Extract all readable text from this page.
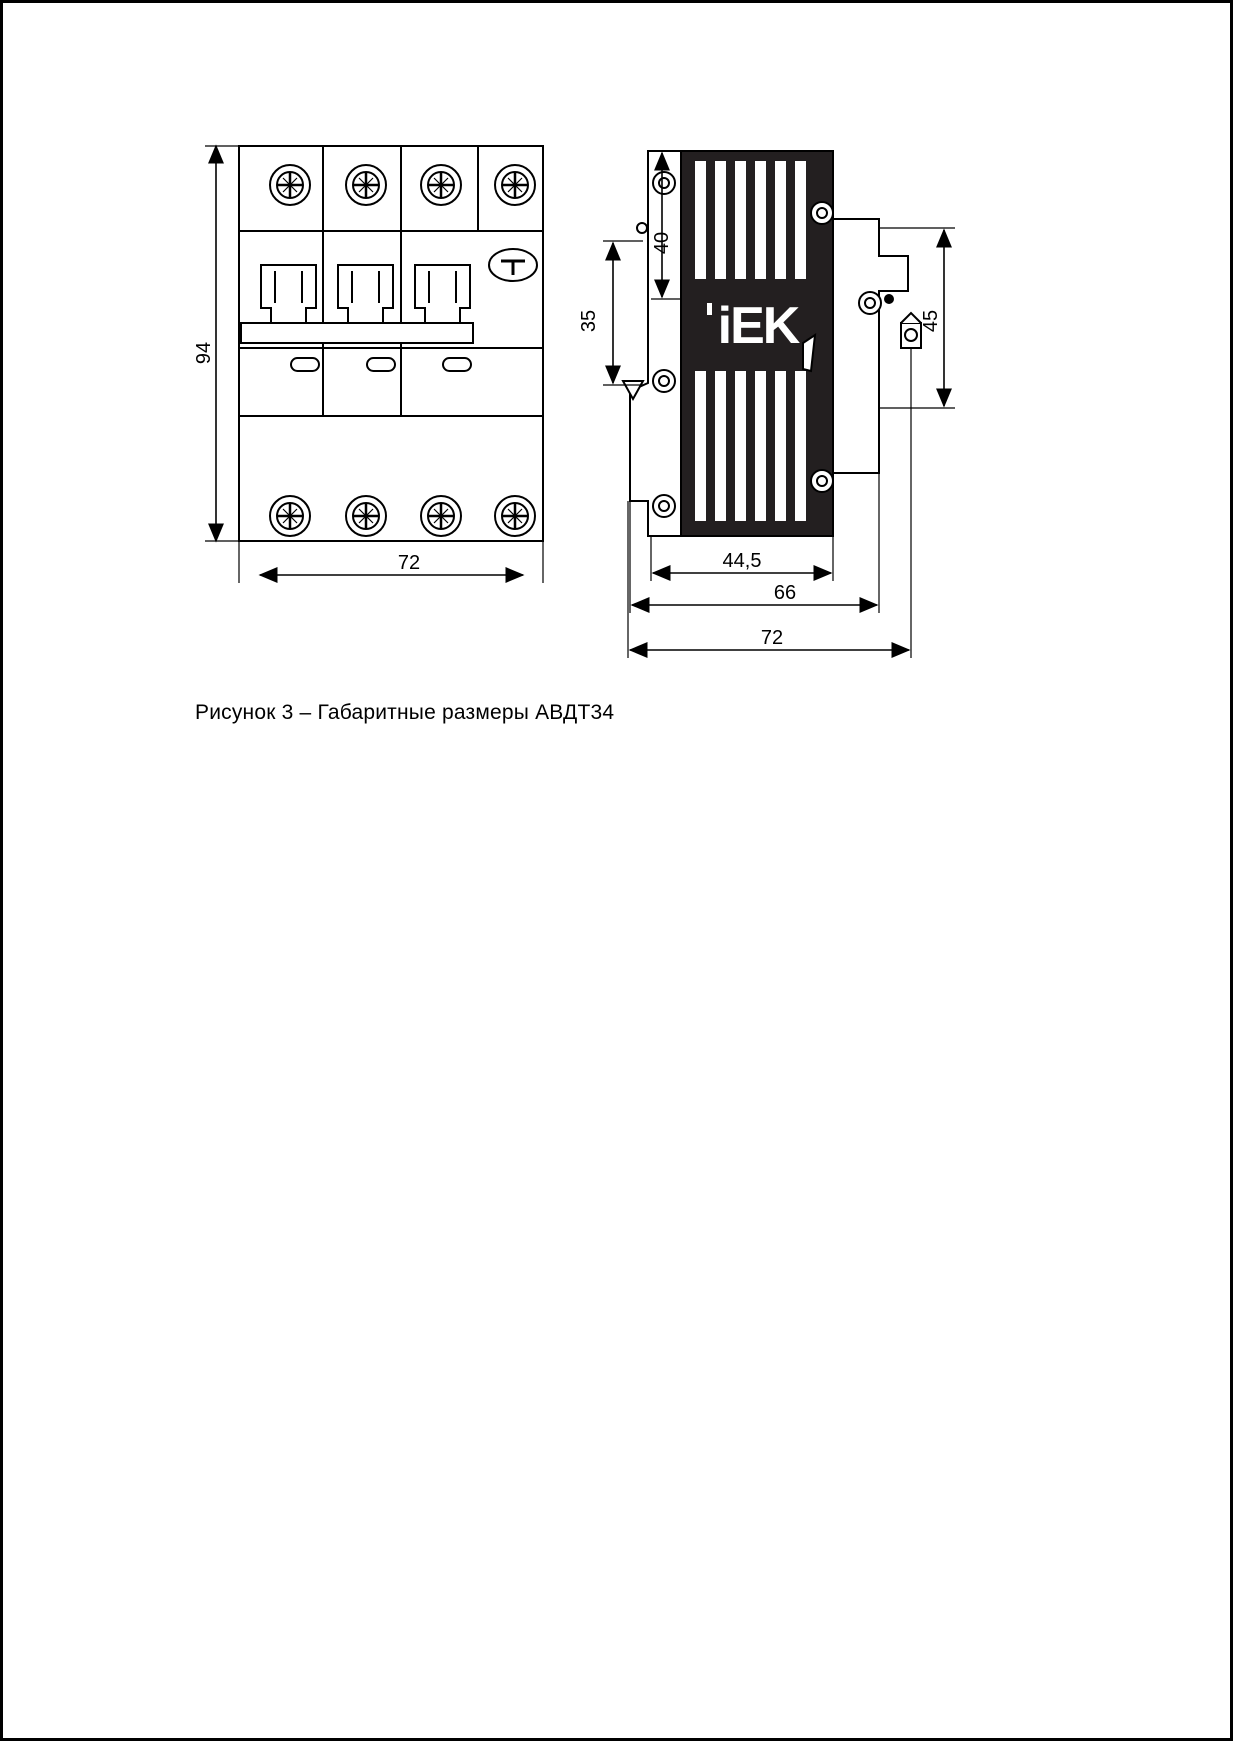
94
72
iEK
40
35	45
44,5
66
72
Рисунок 3 – Габаритные размеры АВДТ34
